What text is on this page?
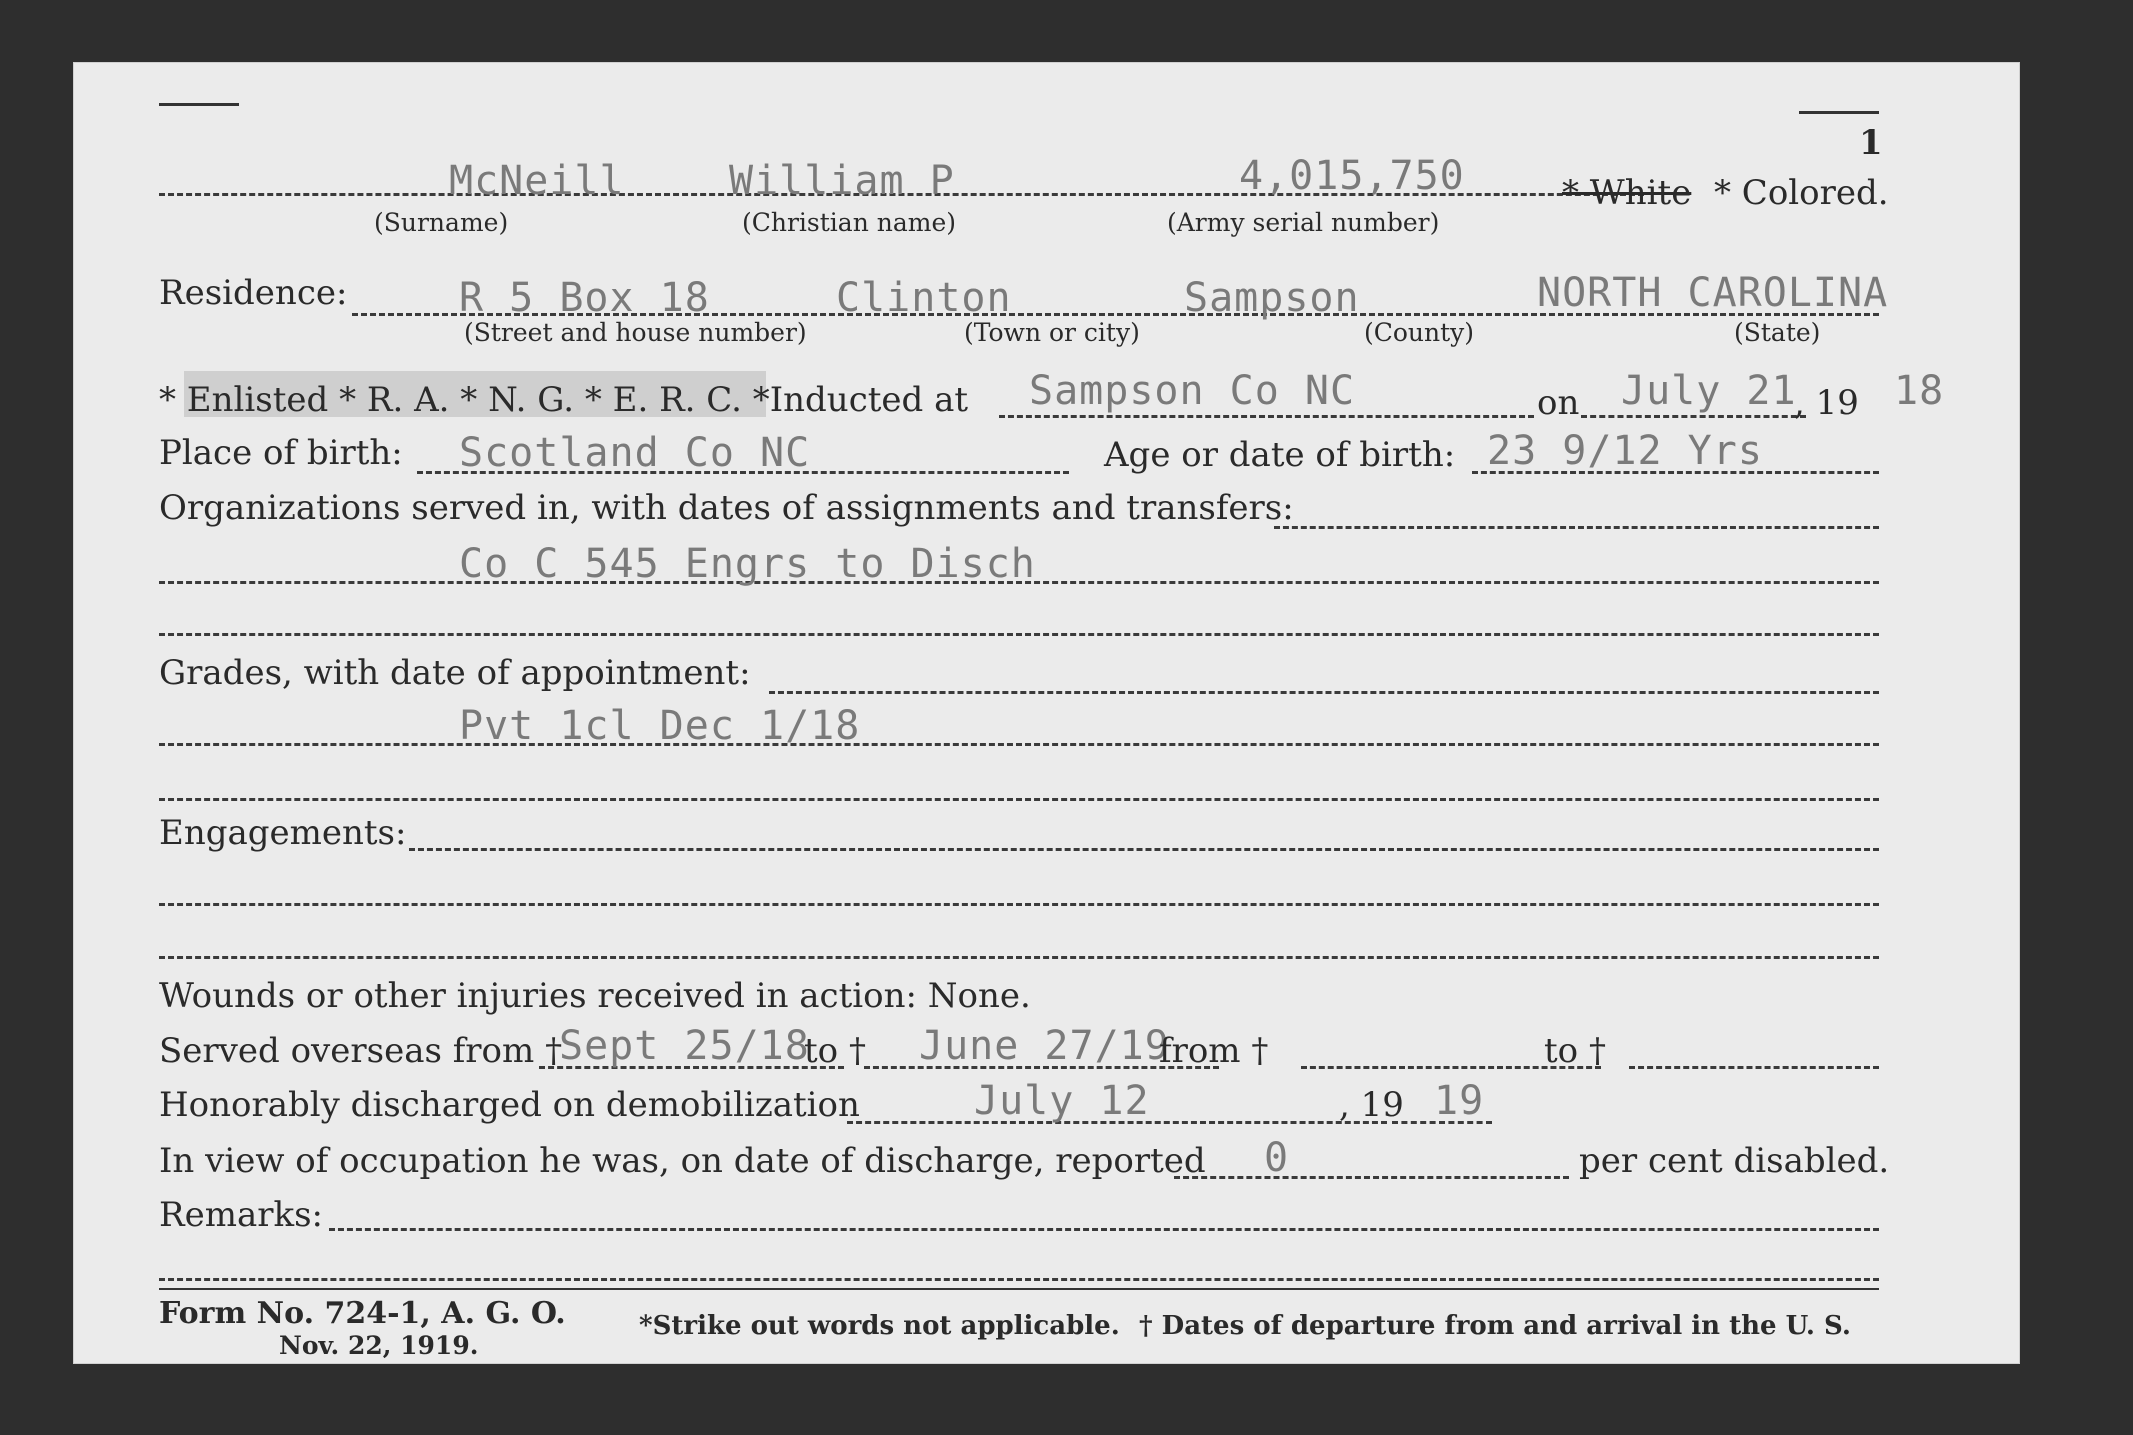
1
McNeill	William P	4,015,750
(Surname)	(Christian name)	(Army serial number)
* White * Colored.
Residence:	R 5 Box 18	Clinton	Sampson	NORTH CAROLINA
(Street and house number)	(Town or city)	(County)	(State)
* Enlisted * R. A. * N. G. * E. R. C. *Inducted at Sampson Co NC	on July 21
, 19 18
Place of birth: Scotland Co NC	Age or date of birth: 23 9/12 Yrs
Organizations served in, with dates of assignments and transfers:
Co C 545 Engrs to Disch
Grades, with date of appointment:
Pvt 1cl Dec 1/18
Engagements:
Wounds or other injuries received in action: None.
Served overseas from †
Sept 25/18
to † June 27/19
from †	to †
Honorably discharged on demobilization	July 12	, 19 19
In view of occupation he was, on date of discharge, reported 0	per cent disabled.
Remarks:
Form No. 724-1, A. G. O.
Nov. 22, 1919.
*Strike out words not applicable. † Dates of departure from and arrival in the U. S.
